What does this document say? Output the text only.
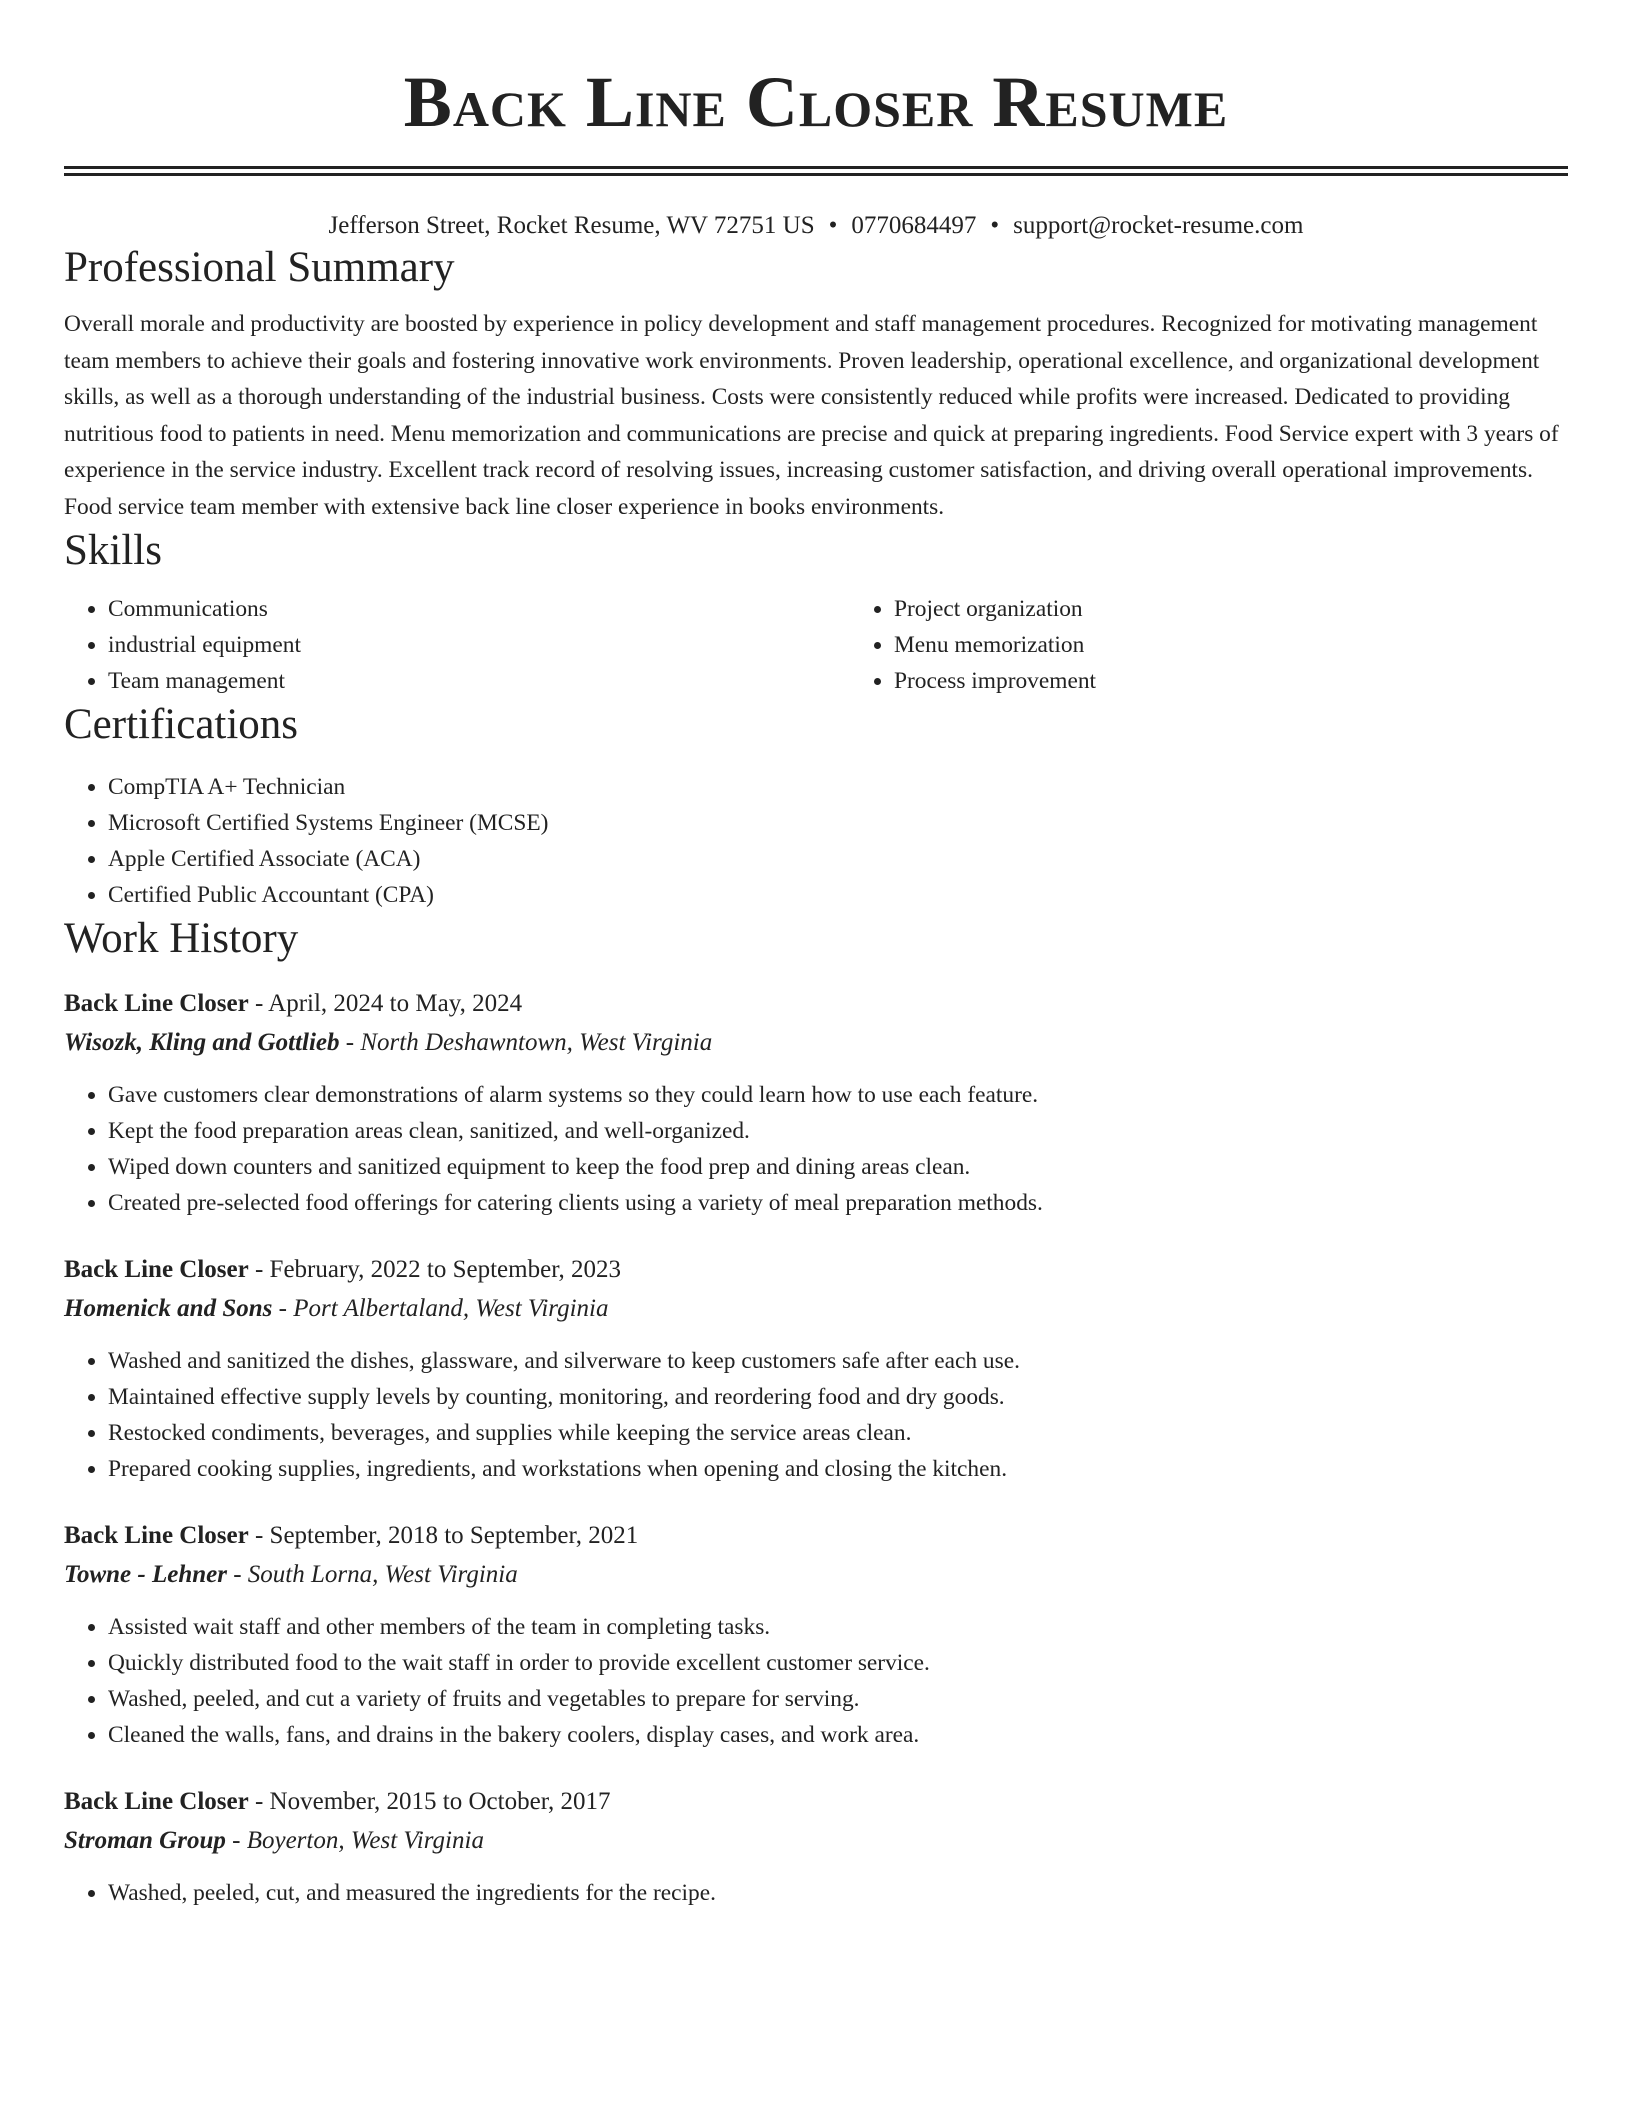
Back Line Closer Resume
Jefferson Street, Rocket Resume, WV 72751 US • 0770684497 • support@rocket-resume.com
Professional Summary

Overall morale and productivity are boosted by experience in policy development and staff management procedures. Recognized for motivating management team members to achieve their goals and fostering innovative work environments. Proven leadership, operational excellence, and organizational development skills, as well as a thorough understanding of the industrial business. Costs were consistently reduced while profits were increased. Dedicated to providing nutritious food to patients in need. Menu memorization and communications are precise and quick at preparing ingredients. Food Service expert with 3 years of experience in the service industry. Excellent track record of resolving issues, increasing customer satisfaction, and driving overall operational improvements. Food service team member with extensive back line closer experience in books environments.

Skills
• Communications
• industrial equipment
• Team management
• Project organization
• Menu memorization
• Process improvement
Certifications
• CompTIA A+ Technician
• Microsoft Certified Systems Engineer (MCSE)
• Apple Certified Associate (ACA)
• Certified Public Accountant (CPA)
Work History
Back Line Closer - April, 2024 to May, 2024
Wisozk, Kling and Gottlieb - North Deshawntown, West Virginia
• Gave customers clear demonstrations of alarm systems so they could learn how to use each feature.
• Kept the food preparation areas clean, sanitized, and well-organized.
• Wiped down counters and sanitized equipment to keep the food prep and dining areas clean.
• Created pre-selected food offerings for catering clients using a variety of meal preparation methods.
Back Line Closer - February, 2022 to September, 2023
Homenick and Sons - Port Albertaland, West Virginia
• Washed and sanitized the dishes, glassware, and silverware to keep customers safe after each use.
• Maintained effective supply levels by counting, monitoring, and reordering food and dry goods.
• Restocked condiments, beverages, and supplies while keeping the service areas clean.
• Prepared cooking supplies, ingredients, and workstations when opening and closing the kitchen.
Back Line Closer - September, 2018 to September, 2021
Towne - Lehner - South Lorna, West Virginia
• Assisted wait staff and other members of the team in completing tasks.
• Quickly distributed food to the wait staff in order to provide excellent customer service.
• Washed, peeled, and cut a variety of fruits and vegetables to prepare for serving.
• Cleaned the walls, fans, and drains in the bakery coolers, display cases, and work area.
Back Line Closer - November, 2015 to October, 2017
Stroman Group - Boyerton, West Virginia
• Washed, peeled, cut, and measured the ingredients for the recipe.
